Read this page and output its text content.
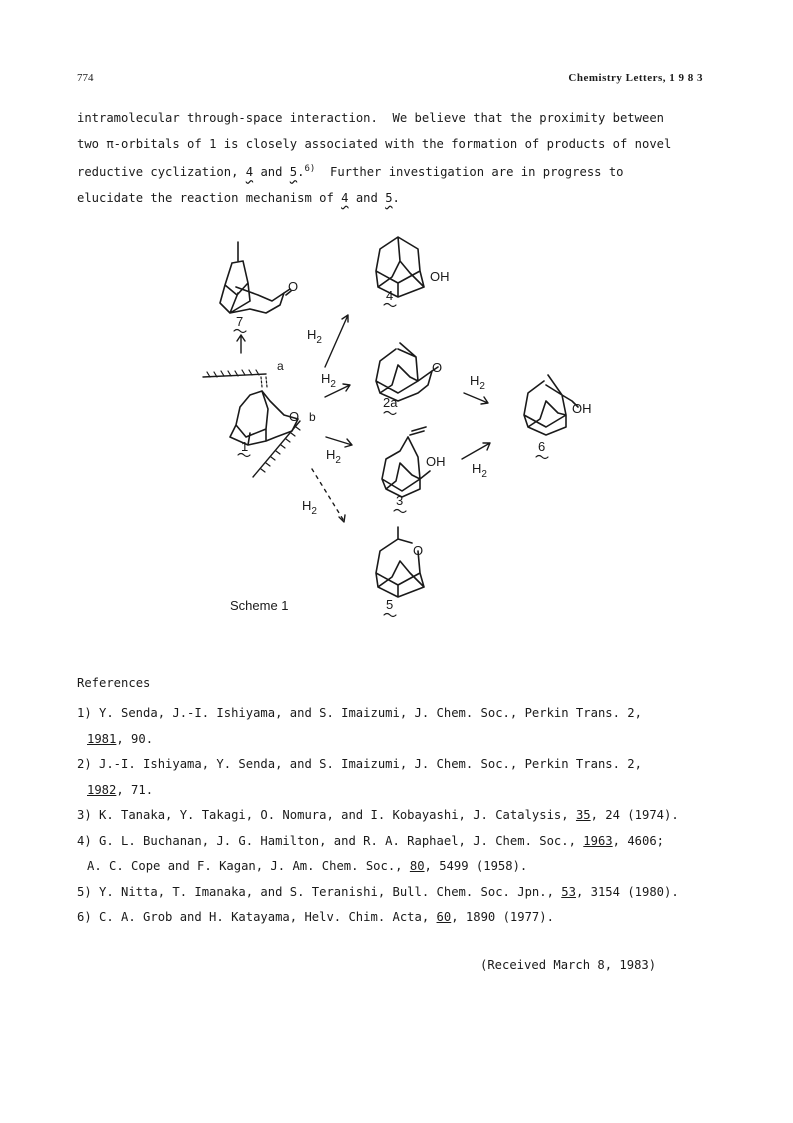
774	Chemistry Letters, 1 9 8 3
intramolecular through-space interaction.  We believe that the proximity between
two π-orbitals of 1 is closely associated with the formation of products of novel
reductive cyclization, 4 and 5.$^{6)}$  Further investigation are in progress to
elucidate the reaction mechanism of 4 and 5.
O
7
OH
4
$H_2$
a
O b
1
$H_2$
O
2a
$H_2$
OH
6
$H_2$
$H_2$	OH
3
$H_2$
O
5
Scheme 1
References
1) Y. Senda, J.-I. Ishiyama, and S. Imaizumi, J. Chem. Soc., Perkin Trans. 2,
1981, 90.
2) J.-I. Ishiyama, Y. Senda, and S. Imaizumi, J. Chem. Soc., Perkin Trans. 2,
1982, 71.
3) K. Tanaka, Y. Takagi, O. Nomura, and I. Kobayashi, J. Catalysis, 35, 24 (1974).
4) G. L. Buchanan, J. G. Hamilton, and R. A. Raphael, J. Chem. Soc., 1963, 4606;
A. C. Cope and F. Kagan, J. Am. Chem. Soc., 80, 5499 (1958).
5) Y. Nitta, T. Imanaka, and S. Teranishi, Bull. Chem. Soc. Jpn., 53, 3154 (1980).
6) C. A. Grob and H. Katayama, Helv. Chim. Acta, 60, 1890 (1977).
(Received March 8, 1983)
